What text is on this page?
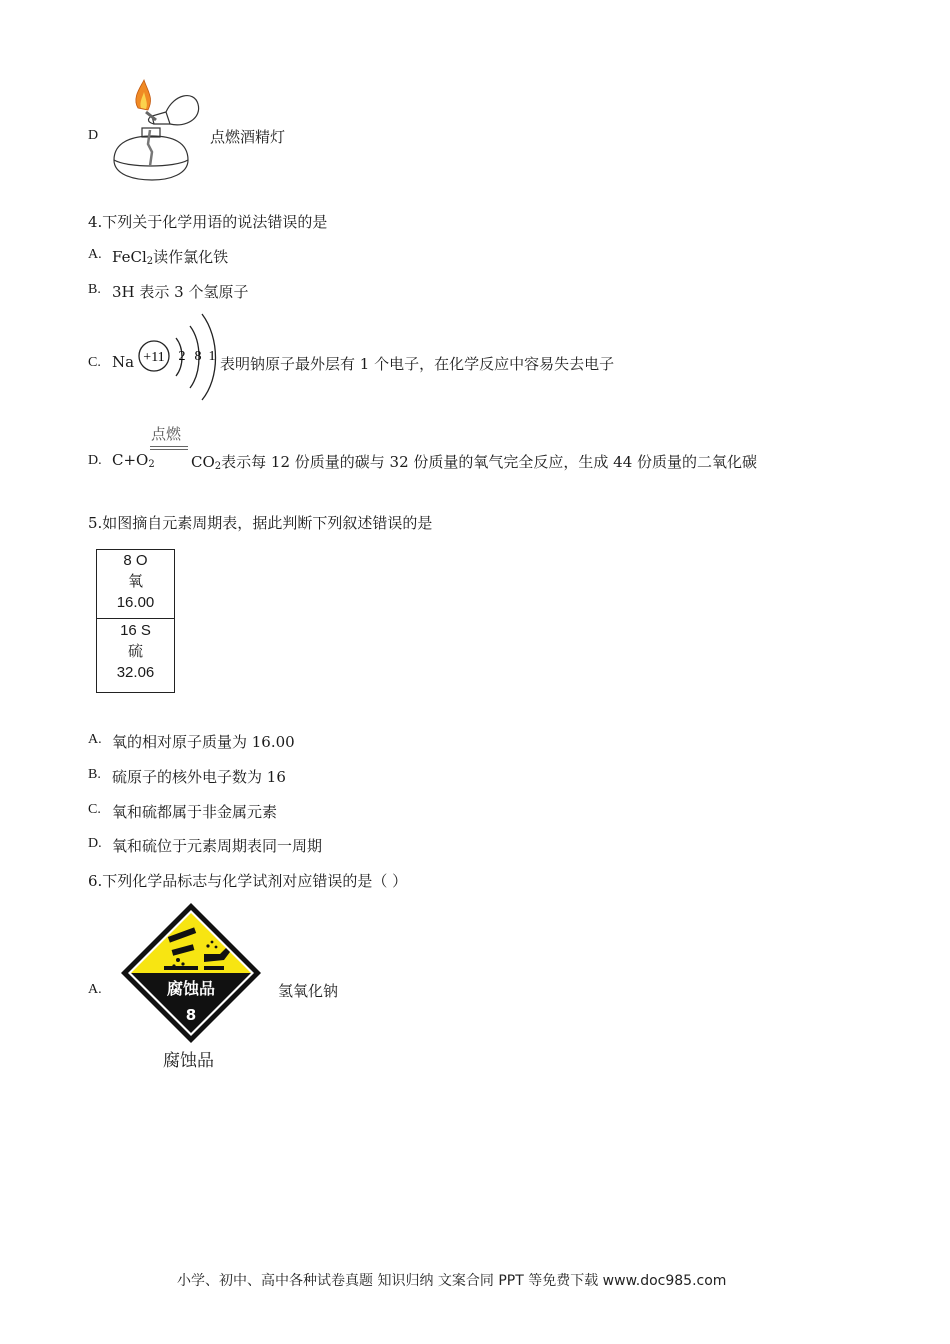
D	点燃酒精灯
4.下列关于化学用语的说法错误的是
A. FeCl$_2$读作氯化铁
B. 3H 表示 3 个氢原子
C. Na +11 2 8 1 表明钠原子最外层有 1 个电子，在化学反应中容易失去电子
D. $C+O_2$
点燃
$CO_2$表示每 12 份质量的碳与 32 份质量的氧气完全反应，生成 44 份质量的二氧化碳
5.如图摘自元素周期表，据此判断下列叙述错误的是
8 O
氧
16.00
16 S
硫
32.06
A. 氧的相对原子质量为 16.00
B. 硫原子的核外电子数为 16
C. 氧和硫都属于非金属元素
D. 氧和硫位于元素周期表同一周期
6.下列化学品标志与化学试剂对应错误的是（ ）
A.	腐蚀品
8
腐蚀品
氢氧化钠
小学、初中、高中各种试卷真题 知识归纳 文案合同 PPT 等免费下载 www.doc985.com
